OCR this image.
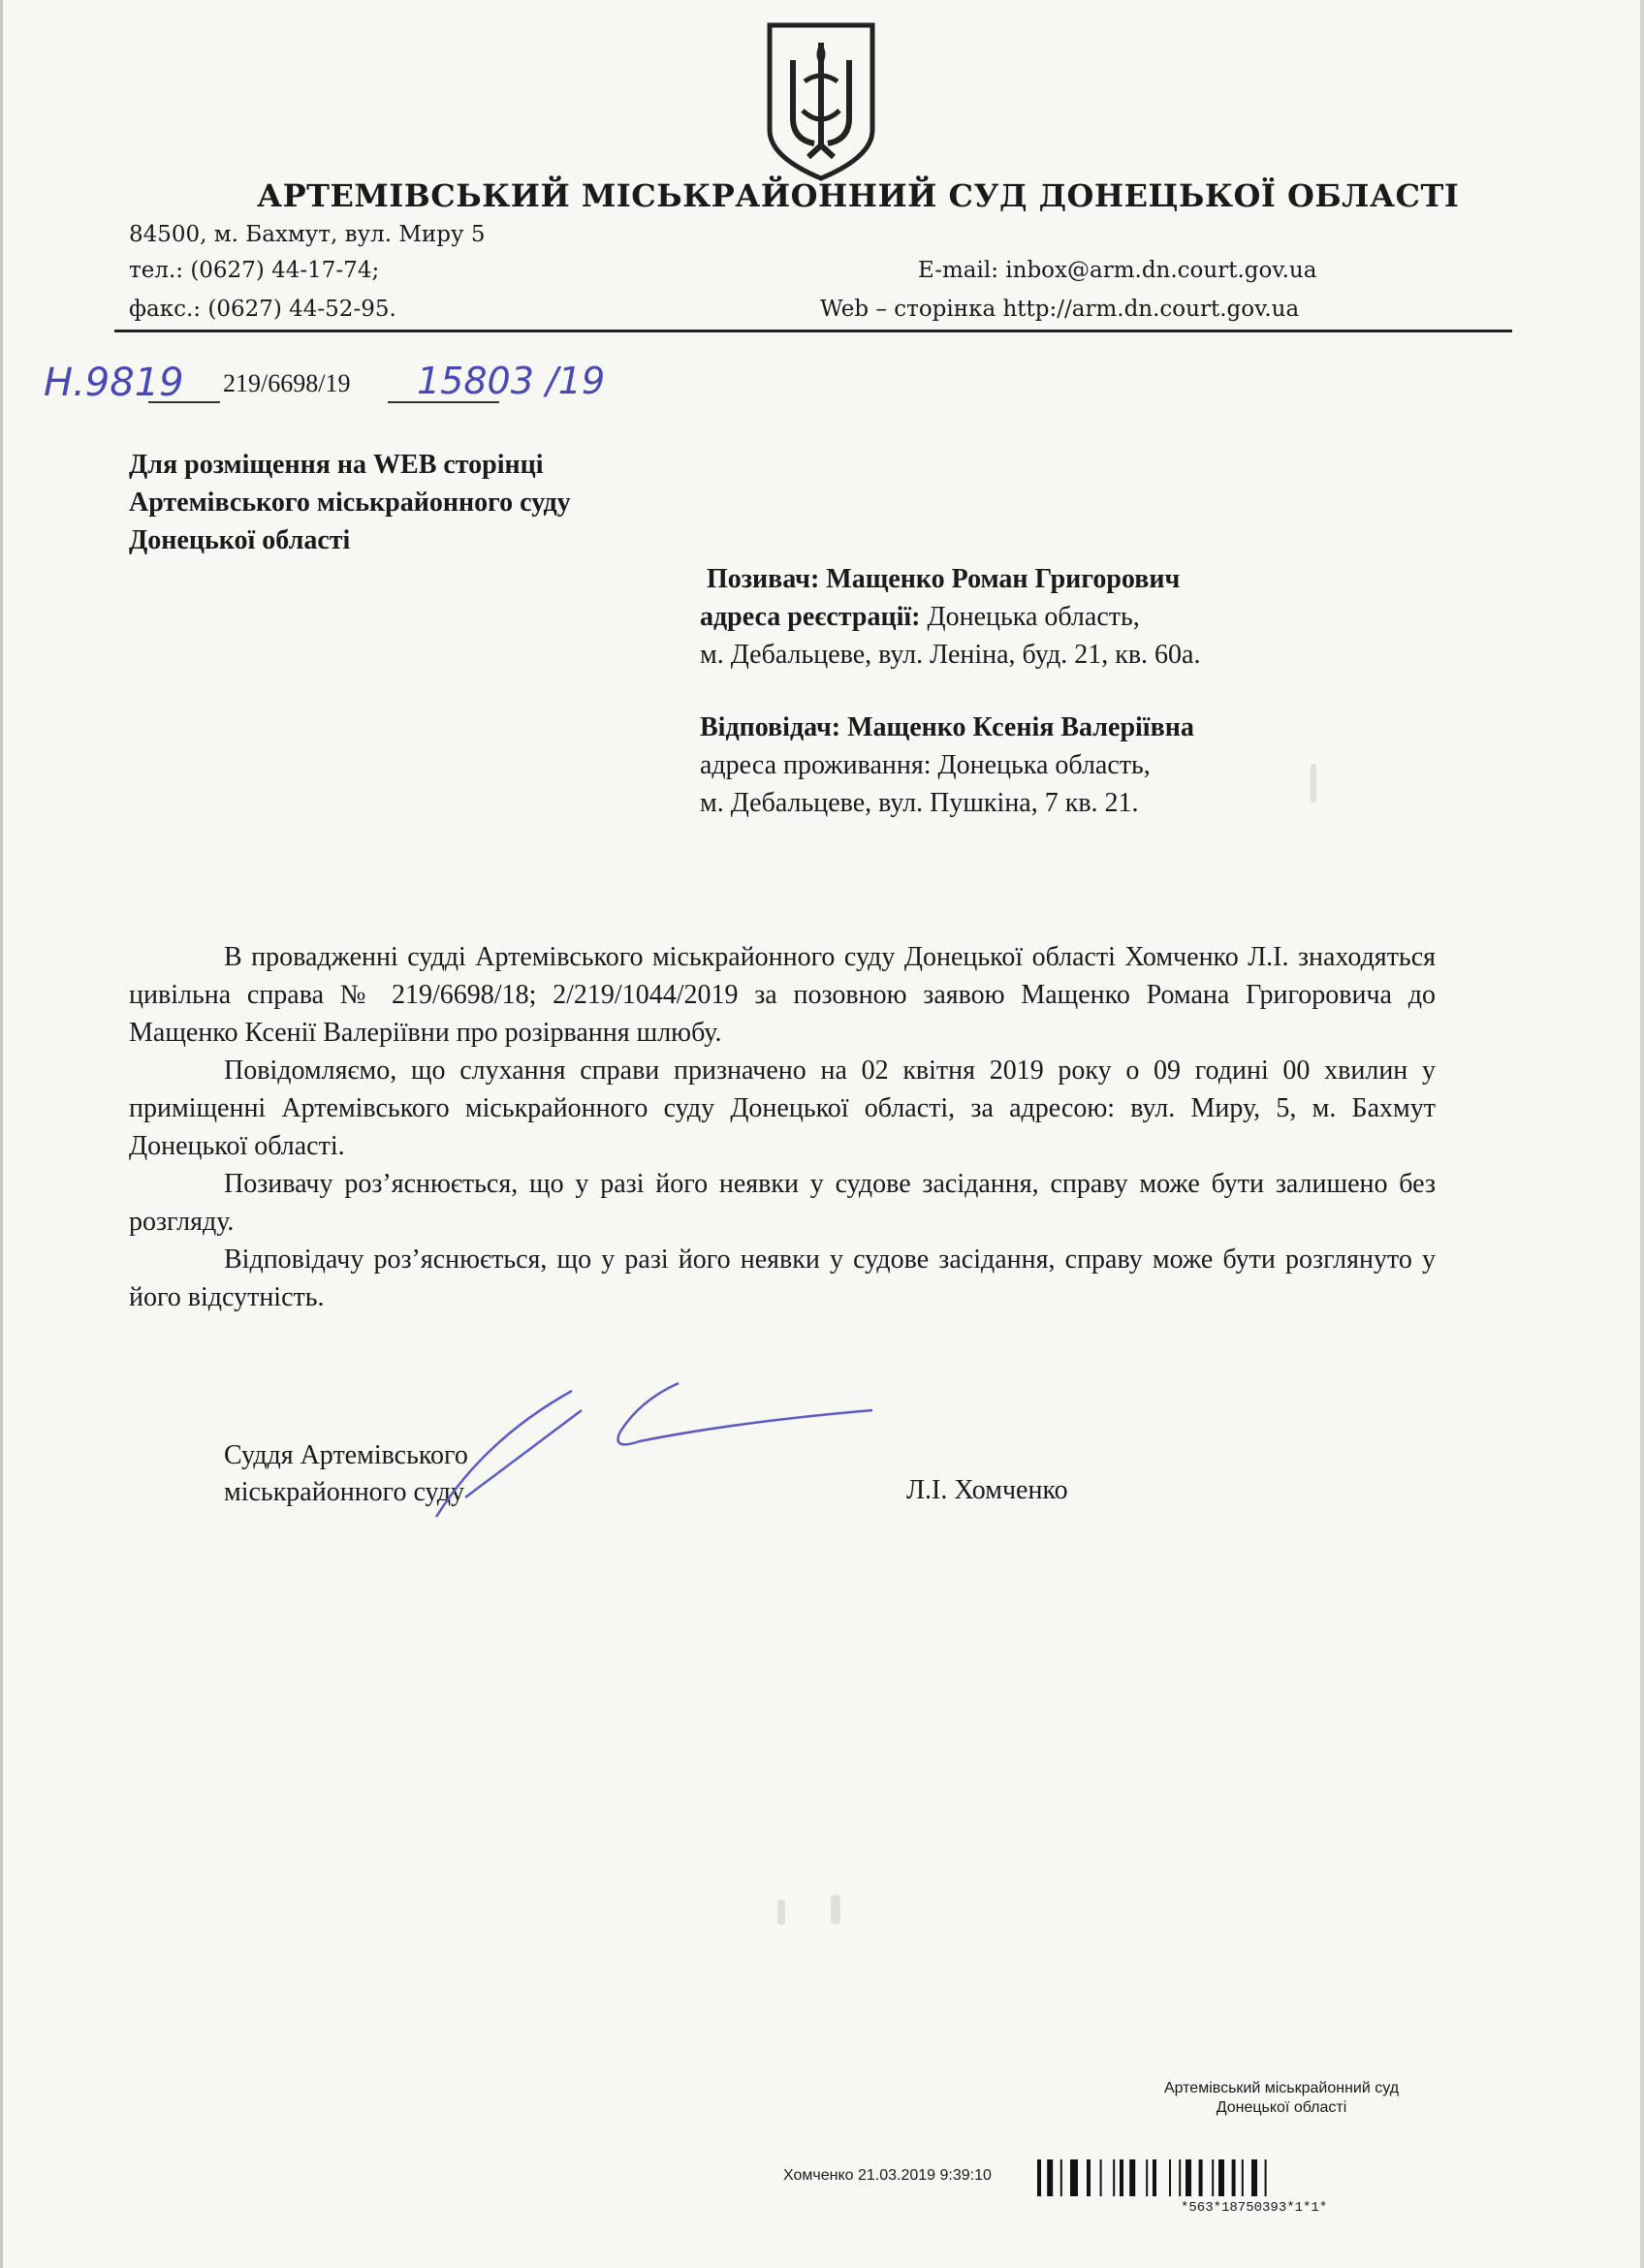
АРТЕМІВСЬКИЙ МІСЬКРАЙОННИЙ СУД ДОНЕЦЬКОЇ ОБЛАСТІ
84500, м. Бахмут, вул. Миру 5
тел.: (0627) 44-17-74;
факс.: (0627) 44-52-95.
E-mail: inbox@arm.dn.court.gov.ua
Web – сторінка http://arm.dn.court.gov.ua
Н.9819	15803 /19
219/6698/19
Для розміщення на WEB сторінці
Артемівського міськрайонного суду
Донецької області
Позивач: Мащенко Роман Григорович
адреса реєстрації: Донецька область,
м. Дебальцеве, вул. Леніна, буд. 21, кв. 60а.
Відповідач: Мащенко Ксенія Валеріївна
адреса проживання: Донецька область,
м. Дебальцеве, вул. Пушкіна, 7 кв. 21.

В провадженні судді Артемівського міськрайонного суду Донецької області Хомченко Л.І. знаходяться цивільна справа № 219/6698/18; 2/219/1044/2019 за позовною заявою Мащенко Романа Григоровича до Мащенко Ксенії Валеріївни про розірвання шлюбу.

Повідомляємо, що слухання справи призначено на 02 квітня 2019 року о 09 годині 00 хвилин у приміщенні Артемівського міськрайонного суду Донецької області, за адресою: вул. Миру, 5, м. Бахмут Донецької області.

Позивачу роз’яснюється, що у разі його неявки у судове засідання, справу може бути залишено без розгляду.

Відповідачу роз’яснюється, що у разі його неявки у судове засідання, справу може бути розглянуто у його відсутність.

Суддя Артемівського
міськрайонного суду	Л.І. Хомченко
Артемівський міськрайонний суд
Донецької області
Хомченко 21.03.2019 9:39:10
*563*18750393*1*1*
